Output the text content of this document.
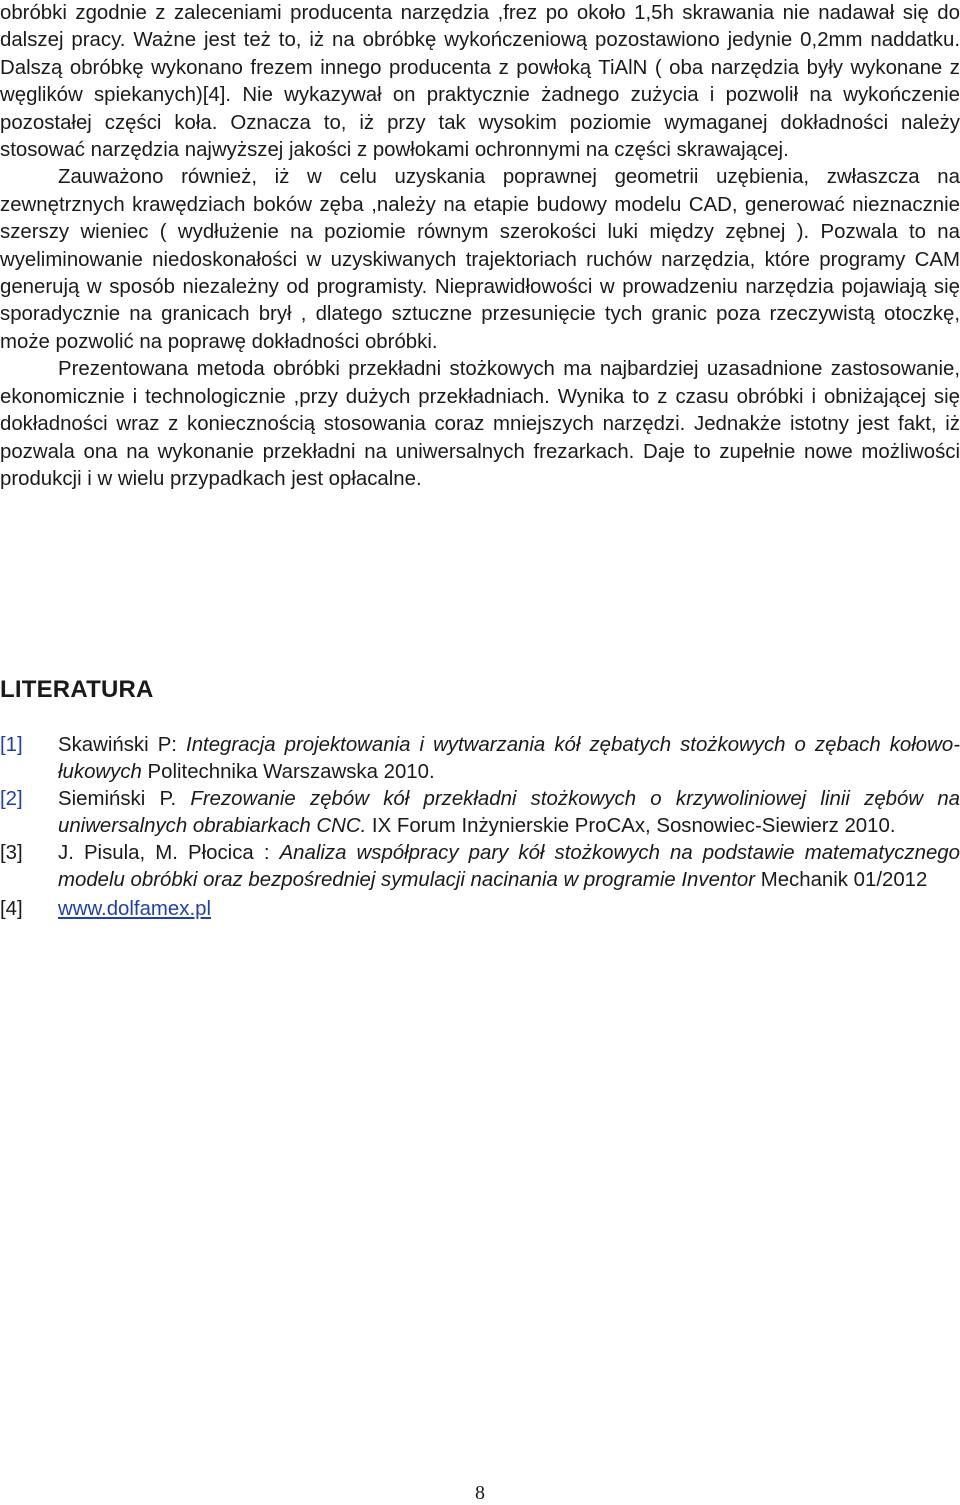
obróbki zgodnie z zaleceniami producenta narzędzia ,frez po około 1,5h skrawania nie nadawał się do dalszej pracy. Ważne jest też to, iż na obróbkę wykończeniową pozostawiono jedynie 0,2mm naddatku. Dalszą obróbkę wykonano frezem innego producenta z powłoką TiAlN ( oba narzędzia były wykonane z węglików spiekanych)[4]. Nie wykazywał on praktycznie żadnego zużycia i pozwolił na wykończenie pozostałej części koła. Oznacza to, iż przy tak wysokim poziomie wymaganej dokładności należy stosować narzędzia najwyższej jakości z powłokami ochronnymi na części skrawającej.

Zauważono również, iż w celu uzyskania poprawnej geometrii uzębienia, zwłaszcza na zewnętrznych krawędziach boków zęba ,należy na etapie budowy modelu CAD, generować nieznacznie szerszy wieniec ( wydłużenie na poziomie równym szerokości luki między zębnej ). Pozwala to na wyeliminowanie niedoskonałości w uzyskiwanych trajektoriach ruchów narzędzia, które programy CAM generują w sposób niezależny od programisty. Nieprawidłowości w prowadzeniu narzędzia pojawiają się sporadycznie na granicach brył , dlatego sztuczne przesunięcie tych granic poza rzeczywistą otoczkę, może pozwolić na poprawę dokładności obróbki.

Prezentowana metoda obróbki przekładni stożkowych ma najbardziej uzasadnione zastosowanie, ekonomicznie i technologicznie ,przy dużych przekładniach. Wynika to z czasu obróbki i obniżającej się dokładności wraz z koniecznością stosowania coraz mniejszych narzędzi. Jednakże istotny jest fakt, iż pozwala ona na wykonanie przekładni na uniwersalnych frezarkach. Daje to zupełnie nowe możliwości produkcji i w wielu przypadkach jest opłacalne.

LITERATURA
[1] Skawiński P: Integracja projektowania i wytwarzania kół zębatych stożkowych o zębach kołowo-łukowych Politechnika Warszawska 2010.
[2] Siemiński P. Frezowanie zębów kół przekładni stożkowych o krzywoliniowej linii zębów na uniwersalnych obrabiarkach CNC. IX Forum Inżynierskie ProCAx, Sosnowiec-Siewierz 2010.
[3] J. Pisula, M. Płocica : Analiza współpracy pary kół stożkowych na podstawie matematycznego modelu obróbki oraz bezpośredniej symulacji nacinania w programie Inventor Mechanik 01/2012
[4] www.dolfamex.pl
8
